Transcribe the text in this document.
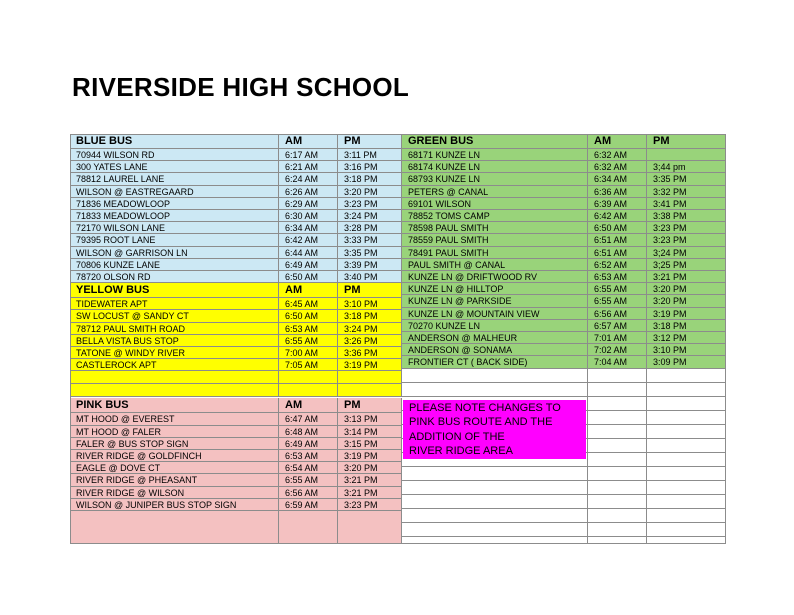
RIVERSIDE HIGH SCHOOL
BLUE BUS	AM	PM
70944 WILSON RD	6:17 AM	3:11 PM
300 YATES LANE	6:21 AM	3:16 PM
78812 LAUREL LANE	6:24 AM	3:18 PM
WILSON @ EASTREGAARD	6:26 AM	3:20 PM
71836 MEADOWLOOP	6:29 AM	3:23 PM
71833 MEADOWLOOP	6:30 AM	3:24 PM
72170 WILSON LANE	6:34 AM	3:28 PM
79395 ROOT LANE	6:42 AM	3:33 PM
WILSON @ GARRISON LN	6:44 AM	3:35 PM
70806 KUNZE LANE	6:49 AM	3:39 PM
78720 OLSON RD	6:50 AM	3:40 PM
YELLOW BUS	AM	PM
TIDEWATER APT	6:45 AM	3:10 PM
SW LOCUST @ SANDY CT	6:50 AM	3:18 PM
78712 PAUL SMITH ROAD	6:53 AM	3:24 PM
BELLA VISTA BUS STOP	6:55 AM	3:26 PM
TATONE @ WINDY RIVER	7:00 AM	3:36 PM
CASTLEROCK APT	7:05 AM	3:19 PM
PINK BUS	AM	PM
MT HOOD @ EVEREST	6:47 AM	3:13 PM
MT HOOD @ FALER	6:48 AM	3:14 PM
FALER @ BUS STOP SIGN	6:49 AM	3:15 PM
RIVER RIDGE @ GOLDFINCH	6:53 AM	3:19 PM
EAGLE @ DOVE CT	6:54 AM	3:20 PM
RIVER RIDGE @ PHEASANT	6:55 AM	3:21 PM
RIVER RIDGE @ WILSON	6:56 AM	3:21 PM
WILSON @ JUNIPER BUS STOP SIGN	6:59 AM	3:23 PM
GREEN BUS	AM	PM
68171 KUNZE LN	6:32 AM
68174 KUNZE LN	6:32 AM	3;44 pm
68793 KUNZE LN	6:34 AM	3:35 PM
PETERS @ CANAL	6:36 AM	3:32 PM
69101 WILSON	6:39 AM	3:41 PM
78852 TOMS CAMP	6:42 AM	3:38 PM
78598 PAUL SMITH	6:50 AM	3:23 PM
78559 PAUL SMITH	6:51 AM	3:23 PM
78491 PAUL SMITH	6:51 AM	3;24 PM
PAUL SMITH @ CANAL	6:52 AM	3;25 PM
KUNZE LN @ DRIFTWOOD RV	6:53 AM	3:21 PM
KUNZE LN @ HILLTOP	6:55 AM	3:20 PM
KUNZE LN @ PARKSIDE	6:55 AM	3:20 PM
KUNZE LN @ MOUNTAIN VIEW	6:56 AM	3:19 PM
70270 KUNZE LN	6:57 AM	3:18 PM
ANDERSON @ MALHEUR	7:01 AM	3:12 PM
ANDERSON @ SONAMA	7:02 AM	3:10 PM
FRONTIER CT ( BACK SIDE)	7:04 AM	3:09 PM
PLEASE NOTE CHANGES TO
PINK BUS ROUTE AND THE
ADDITION OF THE
RIVER RIDGE AREA
